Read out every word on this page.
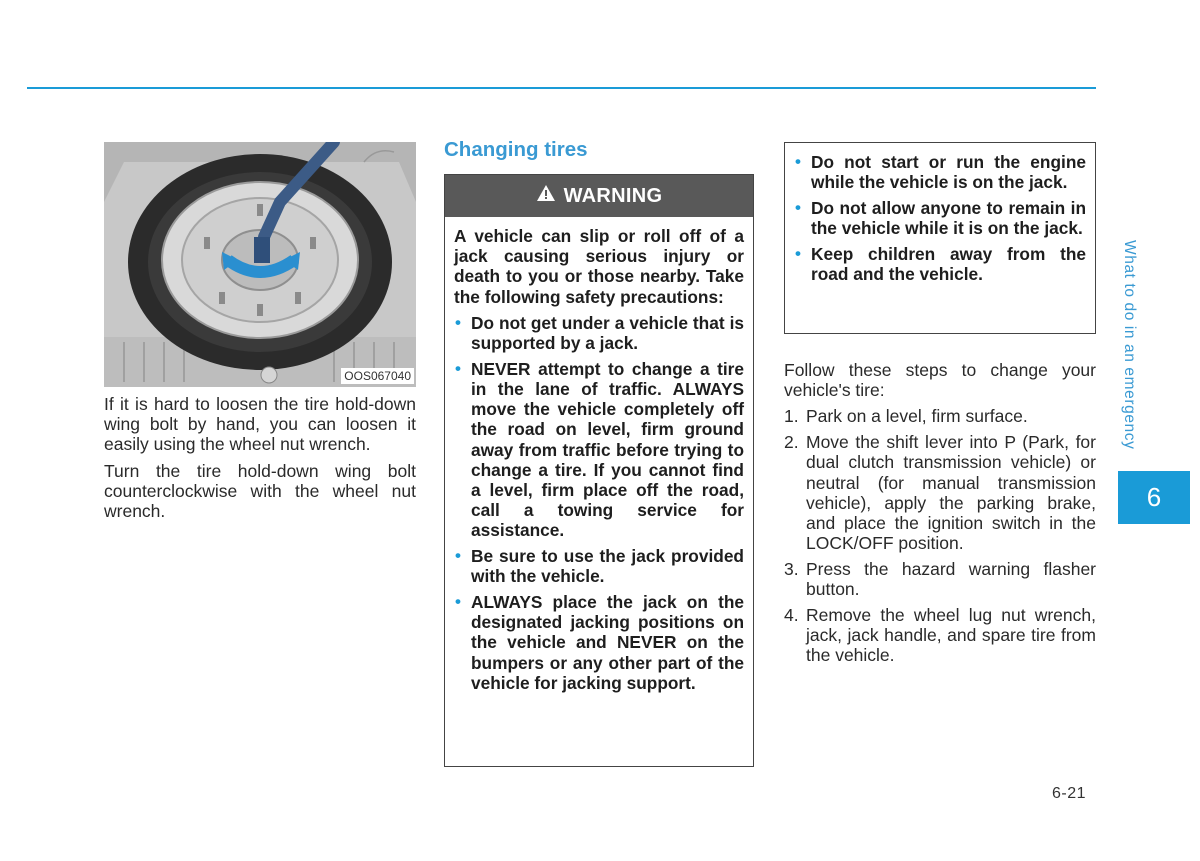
OOS067040

If it is hard to loosen the tire hold-down wing bolt by hand, you can loosen it easily using the wheel nut wrench.

Turn the tire hold-down wing bolt counterclockwise with the wheel nut wrench.

Changing tires
WARNING

A vehicle can slip or roll off of a jack causing serious injury or death to you or those nearby. Take the following safety precautions:

• Do not get under a vehicle that is supported by a jack.
• NEVER attempt to change a tire in the lane of traffic. ALWAYS move the vehicle completely off the road on level, firm ground away from traffic before trying to change a tire. If you cannot find a level, firm place off the road, call a towing service for assistance.
• Be sure to use the jack provided with the vehicle.
• ALWAYS place the jack on the designated jacking positions on the vehicle and NEVER on the bumpers or any other part of the vehicle for jacking support.
• Do not start or run the engine while the vehicle is on the jack.
• Do not allow anyone to remain in the vehicle while it is on the jack.
• Keep children away from the road and the vehicle.

Follow these steps to change your vehicle's tire:

1. Park on a level, firm surface.
2. Move the shift lever into P (Park, for dual clutch transmission vehicle) or neutral (for manual transmission vehicle), apply the parking brake, and place the ignition switch in the LOCK/OFF position.
3. Press the hazard warning flasher button.
4. Remove the wheel lug nut wrench, jack, jack handle, and spare tire from the vehicle.
What to do in an emergency
6
6-21
